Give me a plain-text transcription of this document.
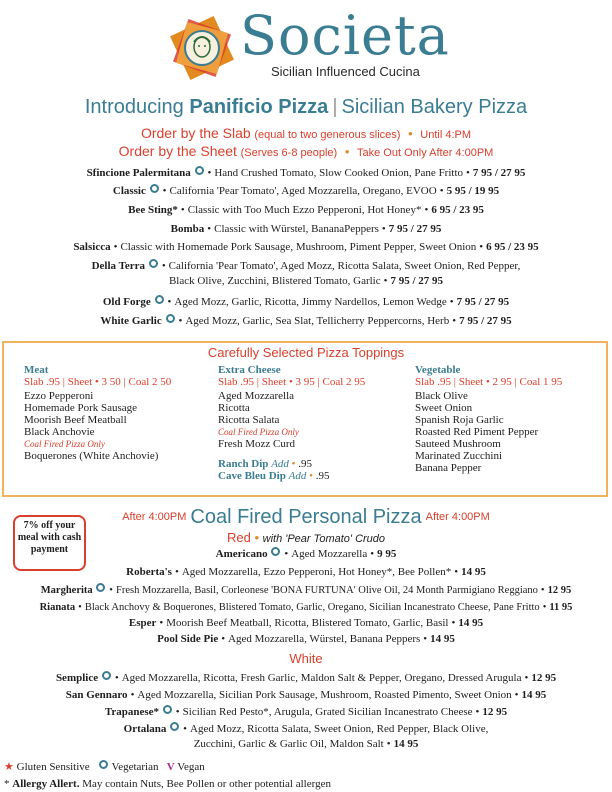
Societa
Sicilian Influenced Cucina
Introducing Panificio Pizza | Sicilian Bakery Pizza
Order by the Slab (equal to two generous slices) • Until 4:PM
Order by the Sheet (Serves 6-8 people) • Take Out Only After 4:00PM
Sfincione Palermitana • Hand Crushed Tomato, Slow Cooked Onion, Pane Fritto • 7 95 / 27 95
Classic • California 'Pear Tomato', Aged Mozzarella, Oregano, EVOO • 5 95 / 19 95
Bee Sting* • Classic with Too Much Ezzo Pepperoni, Hot Honey* • 6 95 / 23 95
Bomba • Classic with Würstel, BananaPeppers • 7 95 / 27 95
Salsicca • Classic with Homemade Pork Sausage, Mushroom, Piment Pepper, Sweet Onion • 6 95 / 23 95
Della Terra • California 'Pear Tomato', Aged Mozz, Ricotta Salata, Sweet Onion, Red Pepper,
Black Olive, Zucchini, Blistered Tomato, Garlic • 7 95 / 27 95
Old Forge • Aged Mozz, Garlic, Ricotta, Jimmy Nardellos, Lemon Wedge • 7 95 / 27 95
White Garlic • Aged Mozz, Garlic, Sea Slat, Tellicherry Peppercorns, Herb • 7 95 / 27 95
Carefully Selected Pizza Toppings
Meat
Slab .95 | Sheet • 3 50 | Coal 2 50
Ezzo Pepperoni
Homemade Pork Sausage
Moorish Beef Meatball
Black Anchovie
Coal Fired Pizza Only
Boquerones (White Anchovie)
Extra Cheese
Slab .95 | Sheet • 3 95 | Coal 2 95
Aged Mozzarella
Ricotta
Ricotta Salata
Coal Fired Pizza Only
Fresh Mozz Curd
Ranch Dip Add • .95
Cave Bleu Dip Add • .95
Vegetable
Slab .95 | Sheet • 2 95 | Coal 1 95
Black Olive
Sweet Onion
Spanish Roja Garlic
Roasted Red Piment Pepper
Sauteed Mushroom
Marinated Zucchini
Banana Pepper
7% off your meal with cash payment
After 4:00PM Coal Fired Personal Pizza After 4:00PM
Red • with 'Pear Tomato' Crudo
Americano • Aged Mozzarella • 9 95
Roberta's • Aged Mozzarella, Ezzo Pepperoni, Hot Honey*, Bee Pollen* • 14 95
Margherita • Fresh Mozzarella, Basil, Corleonese 'BONA FURTUNA' Olive Oil, 24 Month Parmigiano Reggiano • 12 95
Rianata • Black Anchovy & Boquerones, Blistered Tomato, Garlic, Oregano, Sicilian Incanestrato Cheese, Pane Fritto • 11 95
Esper • Moorish Beef Meatball, Ricotta, Blistered Tomato, Garlic, Basil • 14 95
Pool Side Pie • Aged Mozzarella, Würstel, Banana Peppers • 14 95
White
Semplice • Aged Mozzarella, Ricotta, Fresh Garlic, Maldon Salt & Pepper, Oregano, Dressed Arugula • 12 95
San Gennaro • Aged Mozzarella, Sicilian Pork Sausage, Mushroom, Roasted Pimento, Sweet Onion • 14 95
Trapanese* • Sicilian Red Pesto*, Arugula, Grated Sicilian Incanestrato Cheese • 12 95
Ortalana • Aged Mozz, Ricotta Salata, Sweet Onion, Red Pepper, Black Olive,
Zucchini, Garlic & Garlic Oil, Maldon Salt • 14 95
★ Gluten Sensitive Vegetarian V Vegan
* Allergy Allert. May contain Nuts, Bee Pollen or other potential allergen
